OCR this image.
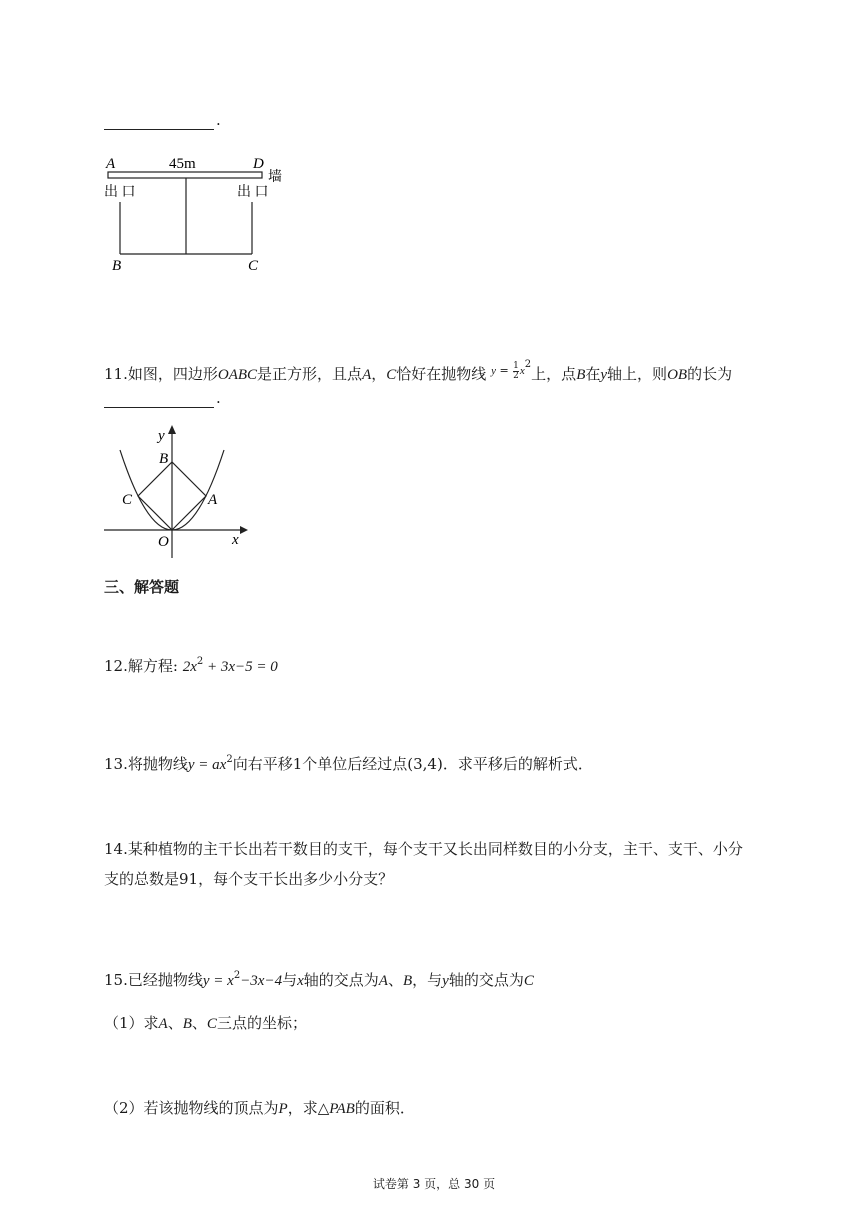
.
A	45m	D
墙
出 口	出 口
B	C
11.如图，四边形OABC是正方形，且点A，C恰好在抛物线 $^{y = \frac{1}{2} x2}$上，点B在y轴上，则OB的长为
.
y
x
B
C	A
O
三、解答题
12.解方程: $2x^2 + 3x-5 = 0$
13.将抛物线$y = ax^2$向右平移1个单位后经过点(3,4)．求平移后的解析式．
14.某种植物的主干长出若干数目的支干，每个支干又长出同样数目的小分支，主干、支干、小分
支的总数是91，每个支干长出多少小分支？
15.已经抛物线$y = x^2-3x-4$与x轴的交点为A、B，与y轴的交点为C
（1）求A、B、C三点的坐标；
（2）若该抛物线的顶点为P，求△PAB的面积．
试卷第 3 页，总 30 页
